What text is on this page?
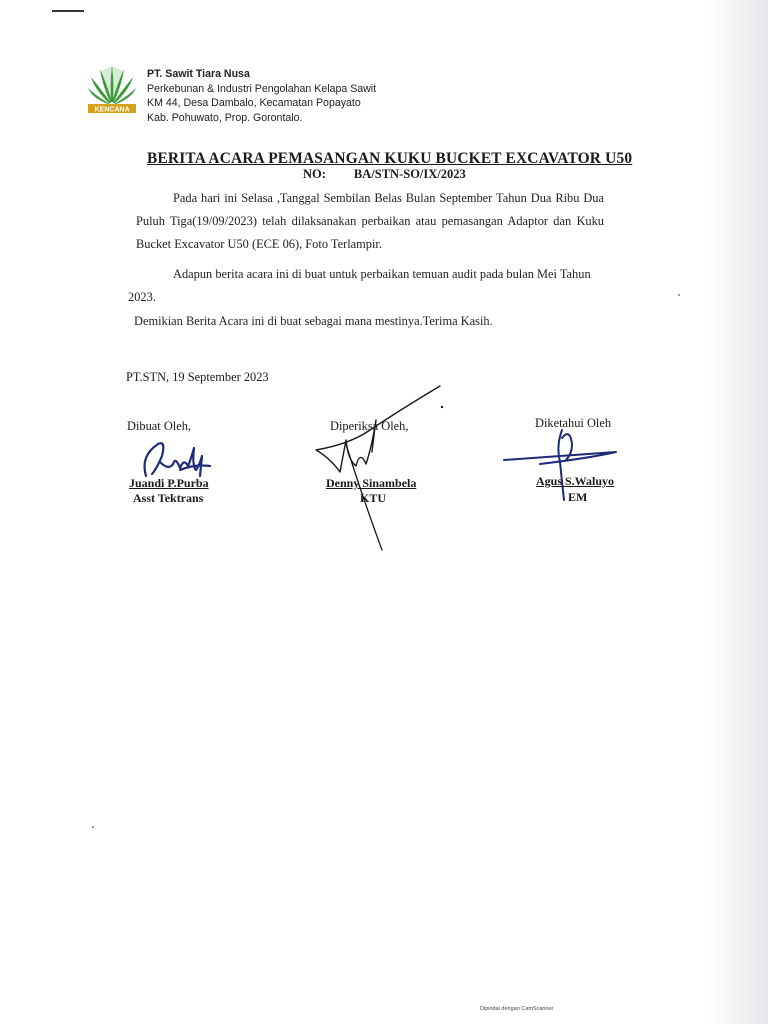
KENCANA
PT. Sawit Tiara Nusa
Perkebunan & Industri Pengolahan Kelapa Sawit
KM 44, Desa Dambalo, Kecamatan Popayato
Kab. Pohuwato, Prop. Gorontalo.
BERITA ACARA PEMASANGAN KUKU BUCKET EXCAVATOR U50
NO: BA/STN-SO/IX/2023
Pada hari ini Selasa ,Tanggal Sembilan Belas Bulan September Tahun Dua Ribu Dua Puluh Tiga(19/09/2023) telah dilaksanakan perbaikan atau pemasangan Adaptor dan Kuku Bucket Excavator U50 (ECE 06), Foto Terlampir.
Adapun berita acara ini di buat untuk perbaikan temuan audit pada bulan Mei Tahun 2023.
Demikian Berita Acara ini di buat sebagai mana mestinya.Terima Kasih.
PT.STN, 19 September 2023
Dibuat Oleh,
Juandi P.Purba
Asst Tektrans
Diperiksa Oleh,
Denny Sinambela
KTU
Diketahui Oleh
Agus S.Waluyo
EM
Dipindai dengan CamScanner
